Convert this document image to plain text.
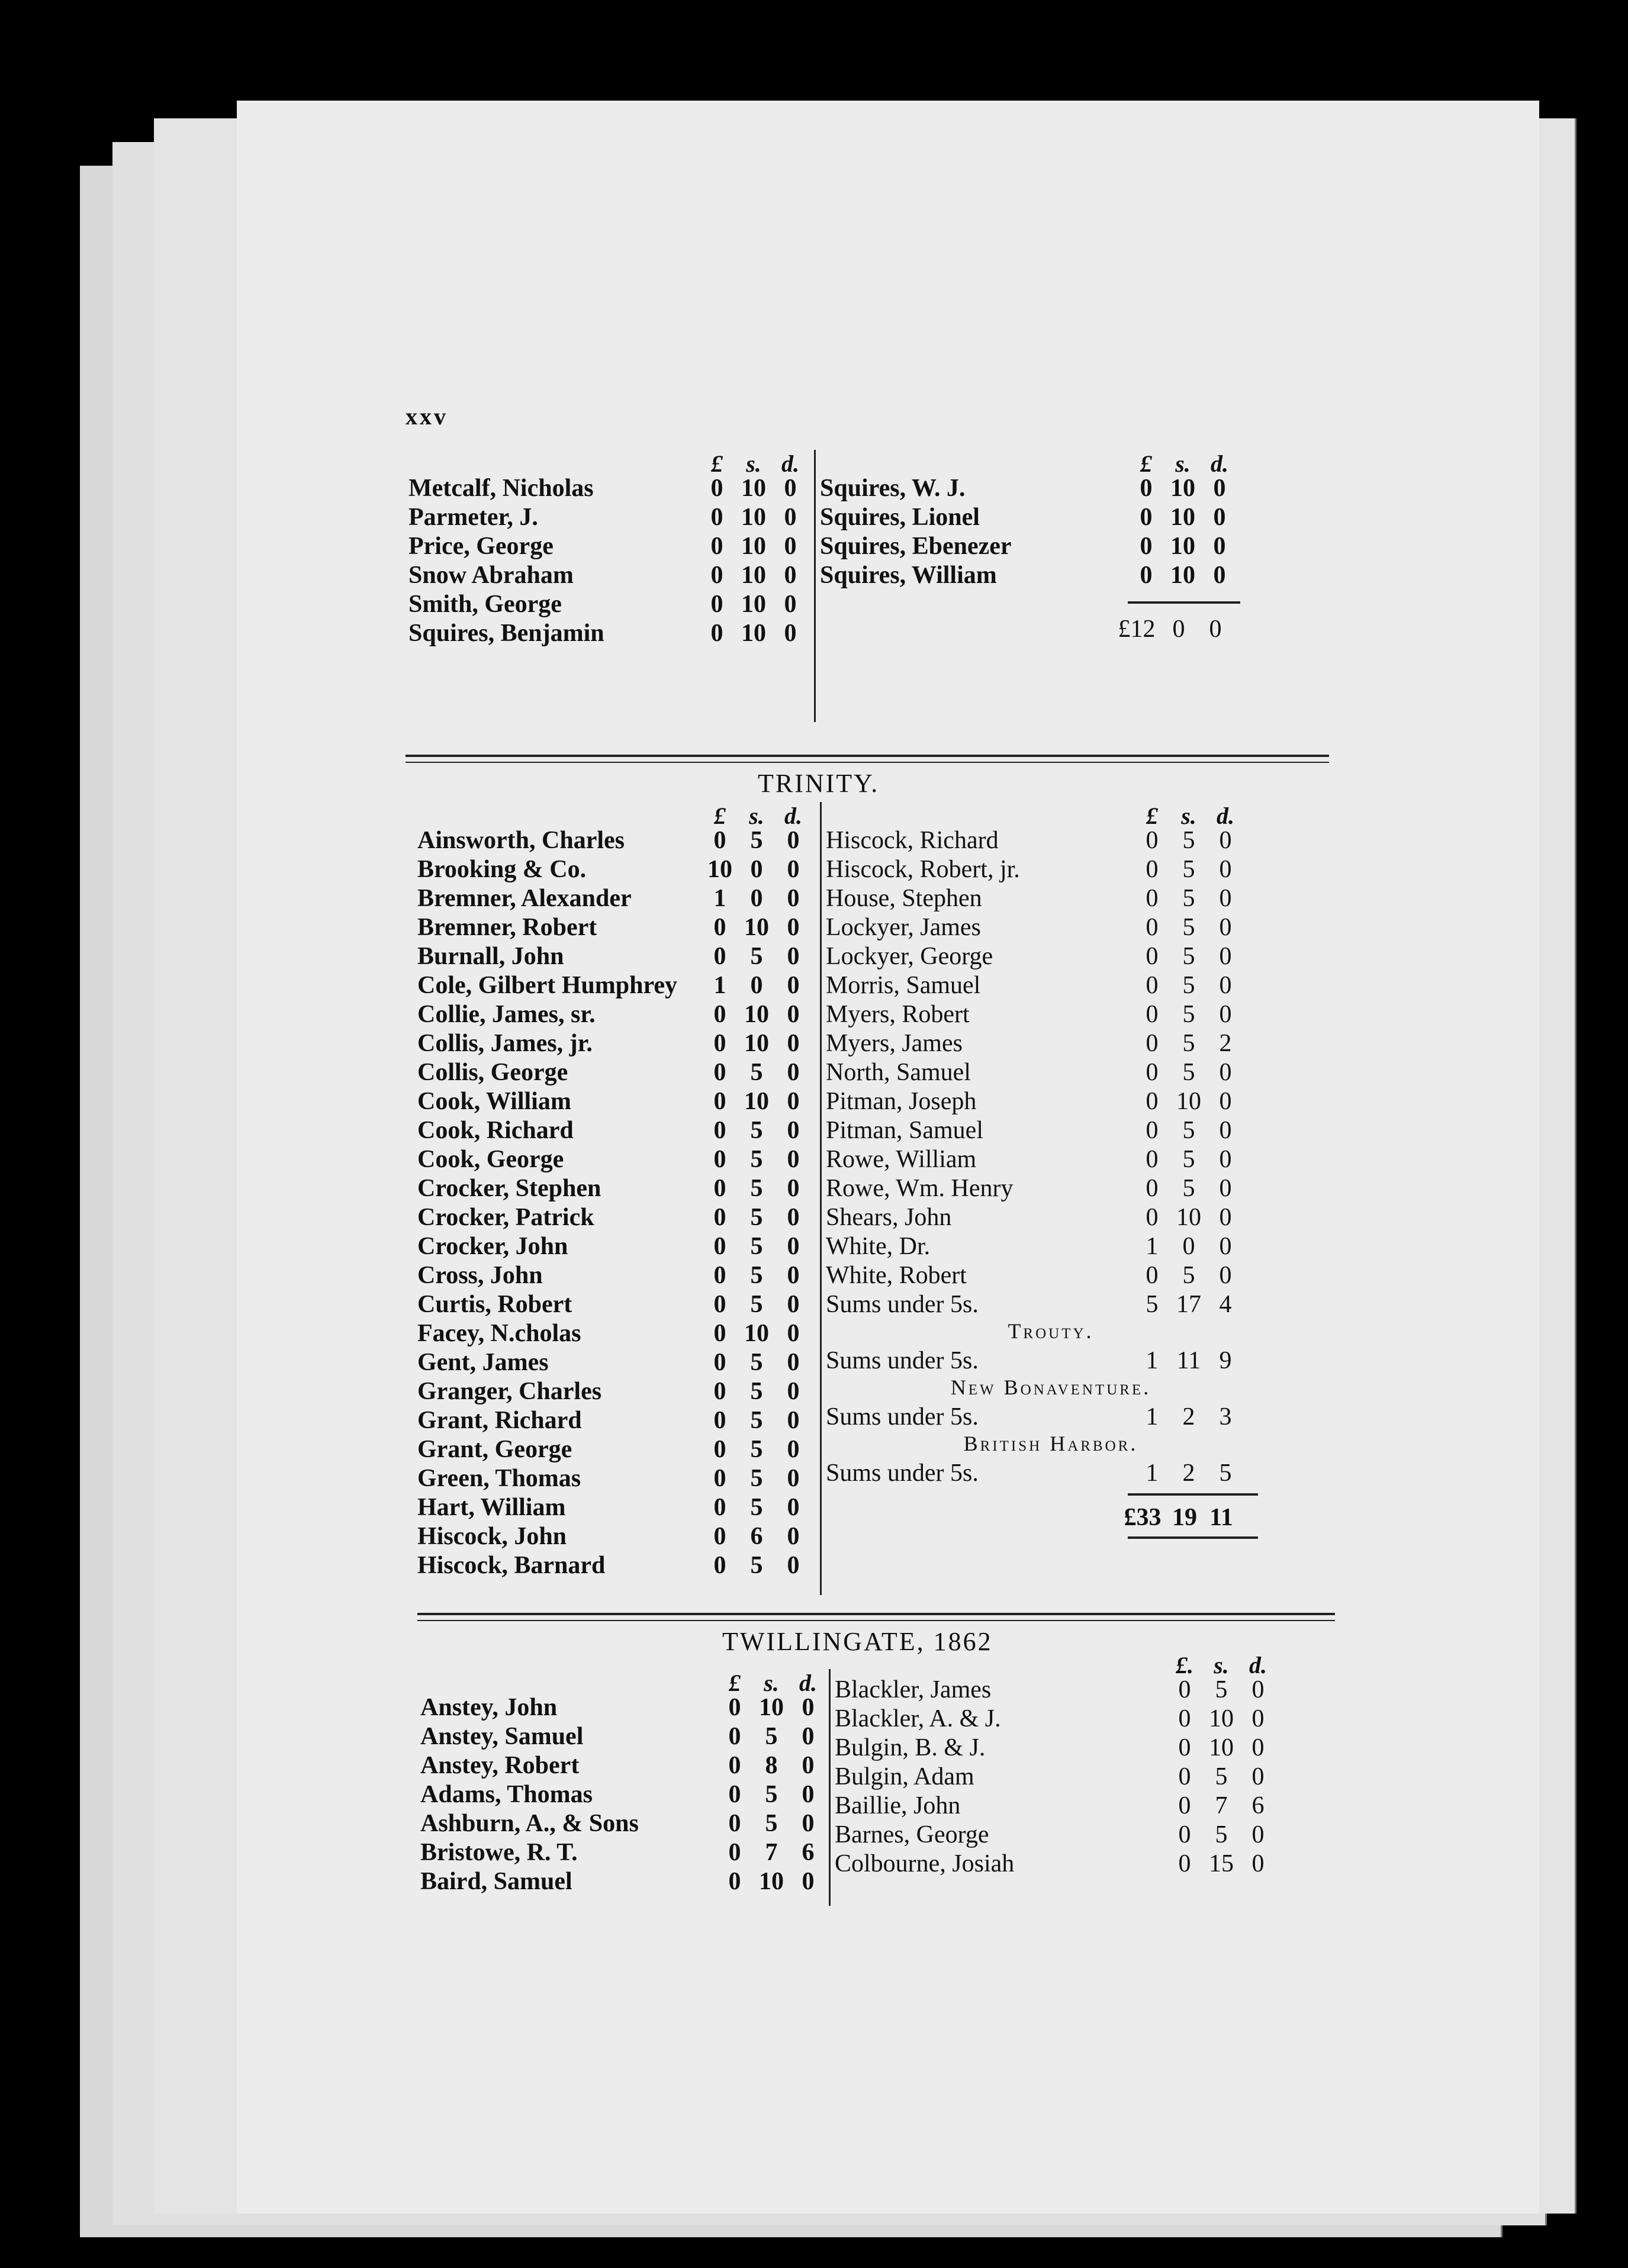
xxv
£ s. d.
Metcalf, Nicholas	0 10 0
Parmeter, J.	0 10 0
Price, George	0 10 0
Snow Abraham	0 10 0
Smith, George	0 10 0
Squires, Benjamin	0 10 0
£ s. d.
Squires, W. J.	0 10 0
Squires, Lionel	0 10 0
Squires, Ebenezer	0 10 0
Squires, William	0 10 0
£12 0 0
TRINITY.
£ s. d.
Ainsworth, Charles	0 5 0
Brooking & Co.	10 0 0
Bremner, Alexander	1 0 0
Bremner, Robert	0 10 0
Burnall, John	0 5 0
Cole, Gilbert Humphrey	1 0 0
Collie, James, sr.	0 10 0
Collis, James, jr.	0 10 0
Collis, George	0 5 0
Cook, William	0 10 0
Cook, Richard	0 5 0
Cook, George	0 5 0
Crocker, Stephen	0 5 0
Crocker, Patrick	0 5 0
Crocker, John	0 5 0
Cross, John	0 5 0
Curtis, Robert	0 5 0
Facey, N.cholas	0 10 0
Gent, James	0 5 0
Granger, Charles	0 5 0
Grant, Richard	0 5 0
Grant, George	0 5 0
Green, Thomas	0 5 0
Hart, William	0 5 0
Hiscock, John	0 6 0
Hiscock, Barnard	0 5 0
£ s. d.
Hiscock, Richard	0 5 0
Hiscock, Robert, jr.	0 5 0
House, Stephen	0 5 0
Lockyer, James	0 5 0
Lockyer, George	0 5 0
Morris, Samuel	0 5 0
Myers, Robert	0 5 0
Myers, James	0 5 2
North, Samuel	0 5 0
Pitman, Joseph	0 10 0
Pitman, Samuel	0 5 0
Rowe, William	0 5 0
Rowe, Wm. Henry	0 5 0
Shears, John	0 10 0
White, Dr.	1 0 0
White, Robert	0 5 0
Sums under 5s.	5 17 4
Trouty.
Sums under 5s.	1 11 9
New Bonaventure.
Sums under 5s.	1 2 3
British Harbor.
Sums under 5s.	1 2 5
£33 19 11
TWILLINGATE, 1862
£ s. d.
Anstey, John	0 10 0
Anstey, Samuel	0 5 0
Anstey, Robert	0 8 0
Adams, Thomas	0 5 0
Ashburn, A., & Sons	0 5 0
Bristowe, R. T.	0 7 6
Baird, Samuel	0 10 0
£. s. d.
Blackler, James	0 5 0
Blackler, A. & J.	0 10 0
Bulgin, B. & J.	0 10 0
Bulgin, Adam	0 5 0
Baillie, John	0 7 6
Barnes, George	0 5 0
Colbourne, Josiah	0 15 0
